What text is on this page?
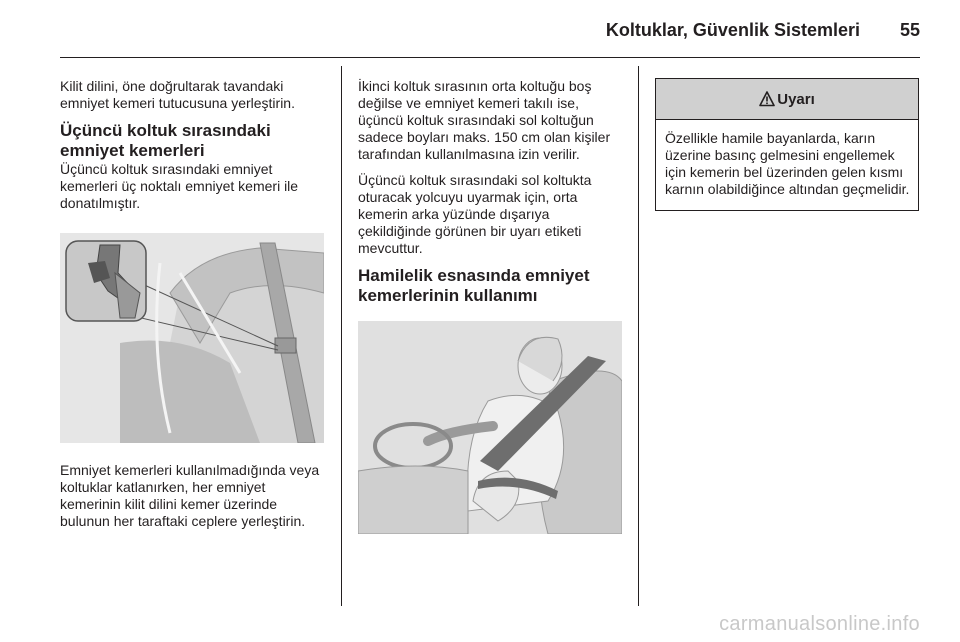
Koltuklar, Güvenlik Sistemleri 55

Kilit dilini, öne doğrultarak tavandaki emniyet kemeri tutucusuna yerleştirin.

Üçüncü koltuk sırasındaki emniyet kemerleri

Üçüncü koltuk sırasındaki emniyet kemerleri üç noktalı emniyet kemeri ile donatılmıştır.

Emniyet kemerleri kullanılmadığında veya koltuklar katlanırken, her emniyet kemerinin kilit dilini kemer üzerinde bulunun her taraftaki ceplere yerleştirin.

İkinci koltuk sırasının orta koltuğu boş değilse ve emniyet kemeri takılı ise, üçüncü koltuk sırasındaki sol koltuğun sadece boyları maks. 150 cm olan kişiler tarafından kullanılmasına izin verilir.

Üçüncü koltuk sırasındaki sol koltukta oturacak yolcuyu uyarmak için, orta kemerin arka yüzünde dışarıya çekildiğinde görünen bir uyarı etiketi mevcuttur.

Hamilelik esnasında emniyet kemerlerinin kullanımı
Uyarı

Özellikle hamile bayanlarda, karın üzerine basınç gelmesini engellemek için kemerin bel üzerinden gelen kısmı karnın olabildiğince altından geçmelidir.

carmanualsonline.info
